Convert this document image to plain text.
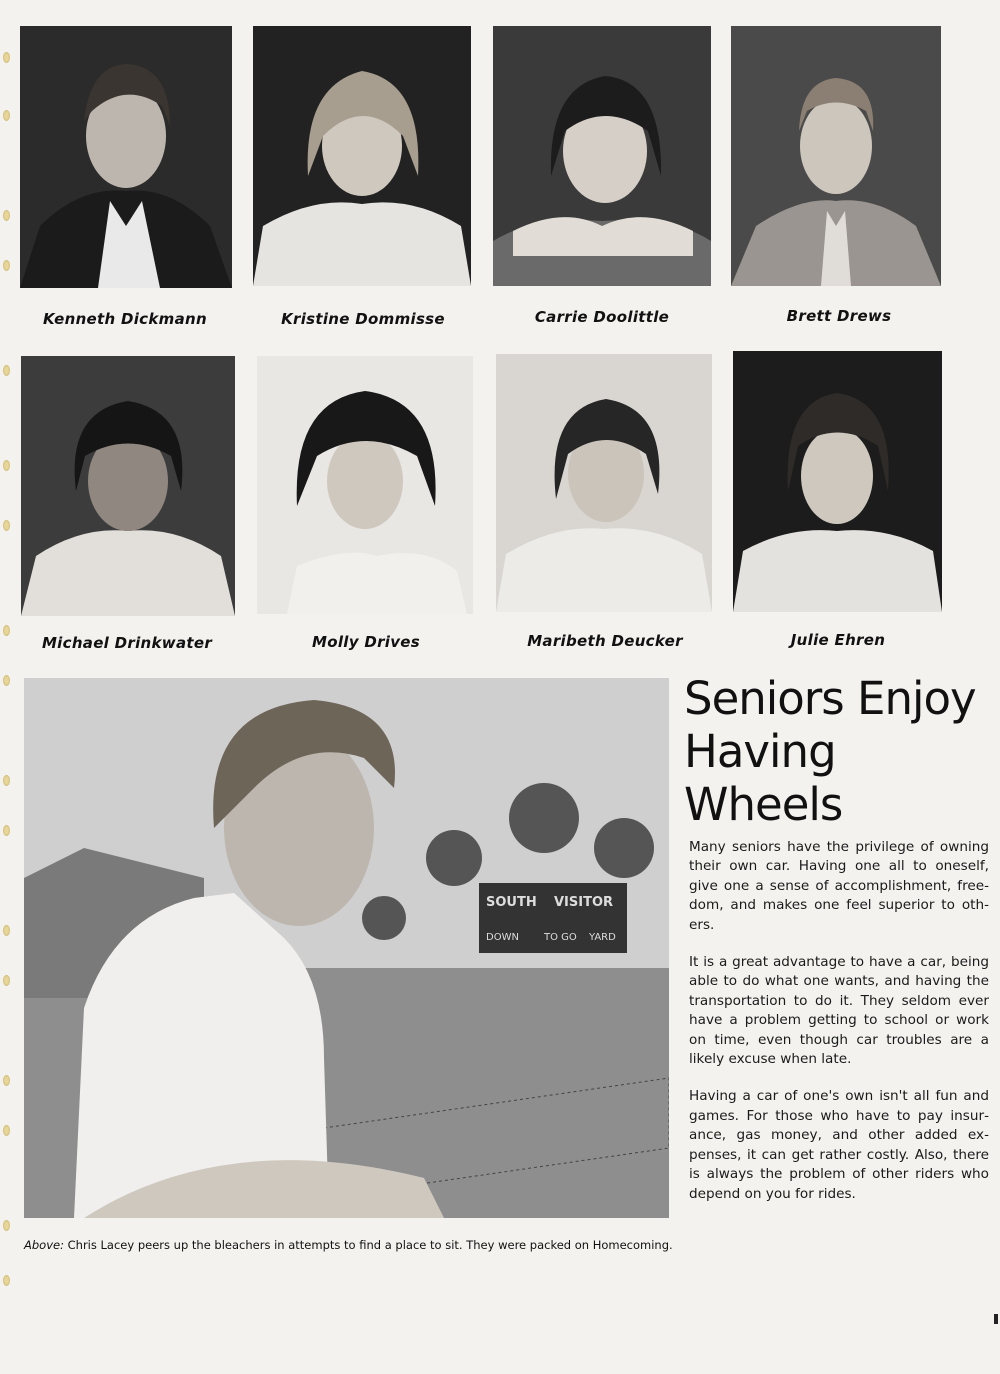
Kenneth Dickmann	Kristine Dommisse	Carrie Doolittle	Brett Drews
Michael Drinkwater	Molly Drives	Maribeth Deucker	Julie Ehren
SOUTH VISITOR
DOWN	TO GO YARD
Above: Chris Lacey peers up the bleachers in attempts to find a place to sit. They were packed on Homecoming.
Seniors Enjoy
Having
Wheels

Many seniors have the privilege of owning their own car. Having one all to oneself, give one a sense of accomplishment, freedom, and makes one feel superior to oth ers.

It is a great advantage to have a car, being able to do what one wants, and having the transportation to do it. They seldom ever have a problem getting to school or work on time, even though car troubles are a likely excuse when late.

Having a car of one's own isn't all fun and games. For those who have to pay insurance, gas money, and other added ex penses, it can get rather costly. Also, there is always the problem of other riders who depend on you for rides.
